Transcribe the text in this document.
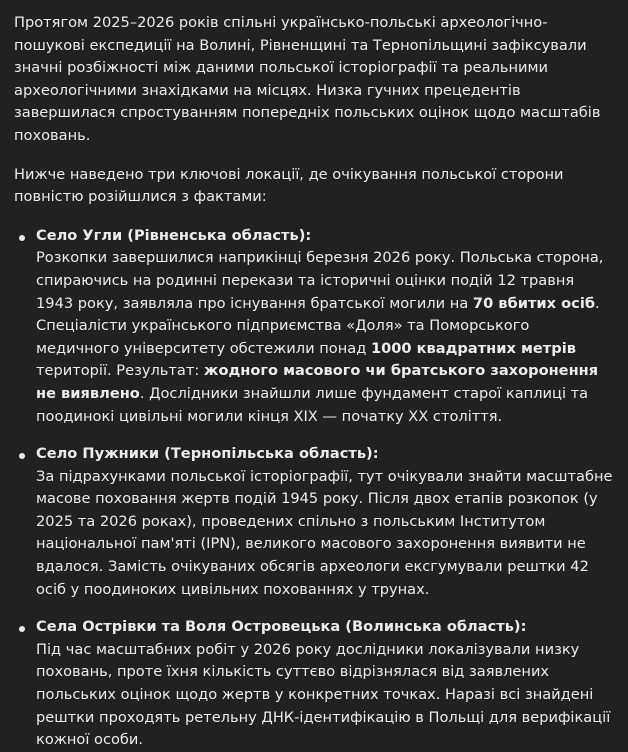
Протягом 2025–2026 років спільні українсько-польські археологічно-пошукові експедиції на Волині, Рівненщині та Тернопільщині зафіксували значні розбіжності між даними польської історіографії та реальними археологічними знахідками на місцях. Низка гучних прецедентів завершилася спростуванням попередніх польських оцінок щодо масштабів поховань.

Нижче наведено три ключові локації, де очікування польської сторони повністю розійшлися з фактами:

Село Угли (Рівненська область):
Розкопки завершилися наприкінці березня 2026 року. Польська сторона, спираючись на родинні перекази та історичні оцінки подій 12 травня 1943 року, заявляла про існування братської могили на 70 вбитих осіб. Спеціалісти українського підприємства «Доля» та Поморського медичного університету обстежили понад 1000 квадратних метрів території. Результат: жодного масового чи братського захоронення не виявлено. Дослідники знайшли лише фундамент старої каплиці та поодинокі цивільні могили кінця XIX — початку XX століття.
Село Пужники (Тернопільська область):
За підрахунками польської історіографії, тут очікували знайти масштабне масове поховання жертв подій 1945 року. Після двох етапів розкопок (у 2025 та 2026 роках), проведених спільно з польським Інститутом національної пам'яті (IPN), великого масового захоронення виявити не вдалося. Замість очікуваних обсягів археологи ексгумували рештки 42 осіб у поодиноких цивільних похованнях у трунах.
Села Острівки та Воля Островецька (Волинська область):
Під час масштабних робіт у 2026 року дослідники локалізували низку поховань, проте їхня кількість суттєво відрізнялася від заявлених польських оцінок щодо жертв у конкретних точках. Наразі всі знайдені рештки проходять ретельну ДНК-ідентифікацію в Польщі для верифікації кожної особи.
